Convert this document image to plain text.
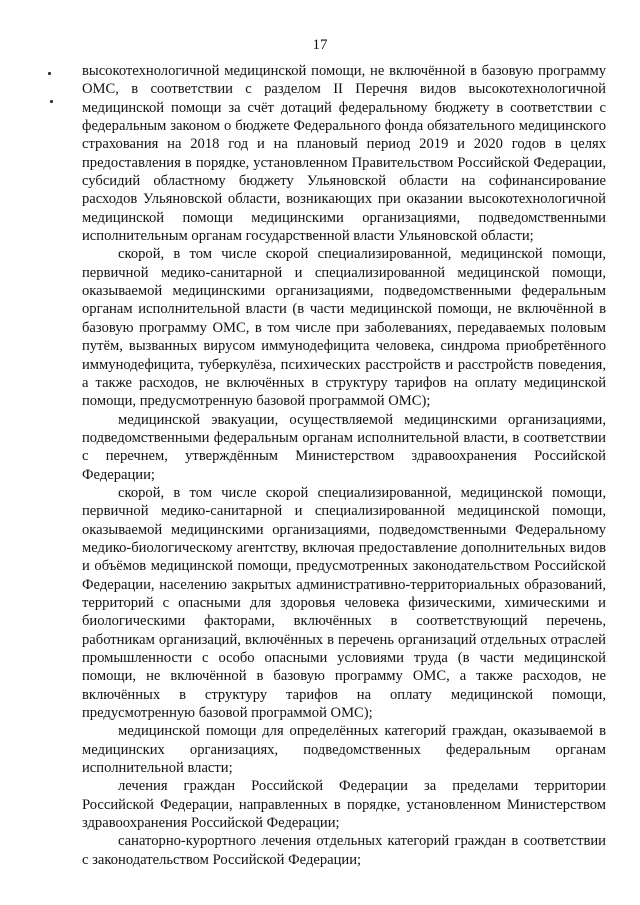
17

высокотехнологичной медицинской помощи, не включённой в базовую программу ОМС, в соответствии с разделом II Перечня видов высокотехнологичной медицинской помощи за счёт дотаций федеральному бюджету в соответствии с федеральным законом о бюджете Федерального фонда обязательного медицинского страхования на 2018 год и на плановый период 2019 и 2020 годов в целях предоставления в порядке, установленном Правительством Российской Федерации, субсидий областному бюджету Ульяновской области на софинансирование расходов Ульяновской области, возникающих при оказании высокотехнологичной медицинской помощи медицинскими организациями, подведомственными исполнительным органам государственной власти Ульяновской области;

скорой, в том числе скорой специализированной, медицинской помощи, первичной медико-санитарной и специализированной медицинской помощи, оказываемой медицинскими организациями, подведомственными федеральным органам исполнительной власти (в части медицинской помощи, не включённой в базовую программу ОМС, в том числе при заболеваниях, передаваемых половым путём, вызванных вирусом иммунодефицита человека, синдрома приобретённого иммунодефицита, туберкулёза, психических расстройств и расстройств поведения, а также расходов, не включённых в структуру тарифов на оплату медицинской помощи, предусмотренную базовой программой ОМС);

медицинской эвакуации, осуществляемой медицинскими организациями, подведомственными федеральным органам исполнительной власти, в соответствии с перечнем, утверждённым Министерством здравоохранения Российской Федерации;

скорой, в том числе скорой специализированной, медицинской помощи, первичной медико-санитарной и специализированной медицинской помощи, оказываемой медицинскими организациями, подведомственными Федеральному медико-биологическому агентству, включая предоставление дополнительных видов и объёмов медицинской помощи, предусмотренных законодательством Российской Федерации, населению закрытых административно-территориальных образований, территорий с опасными для здоровья человека физическими, химическими и биологическими факторами, включённых в соответствующий перечень, работникам организаций, включённых в перечень организаций отдельных отраслей промышленности с особо опасными условиями труда (в части медицинской помощи, не включённой в базовую программу ОМС, а также расходов, не включённых в структуру тарифов на оплату медицинской помощи, предусмотренную базовой программой ОМС);

медицинской помощи для определённых категорий граждан, оказываемой в медицинских организациях, подведомственных федеральным органам исполнительной власти;

лечения граждан Российской Федерации за пределами территории Российской Федерации, направленных в порядке, установленном Министерством здравоохранения Российской Федерации;

санаторно-курортного лечения отдельных категорий граждан в соответствии с законодательством Российской Федерации;
